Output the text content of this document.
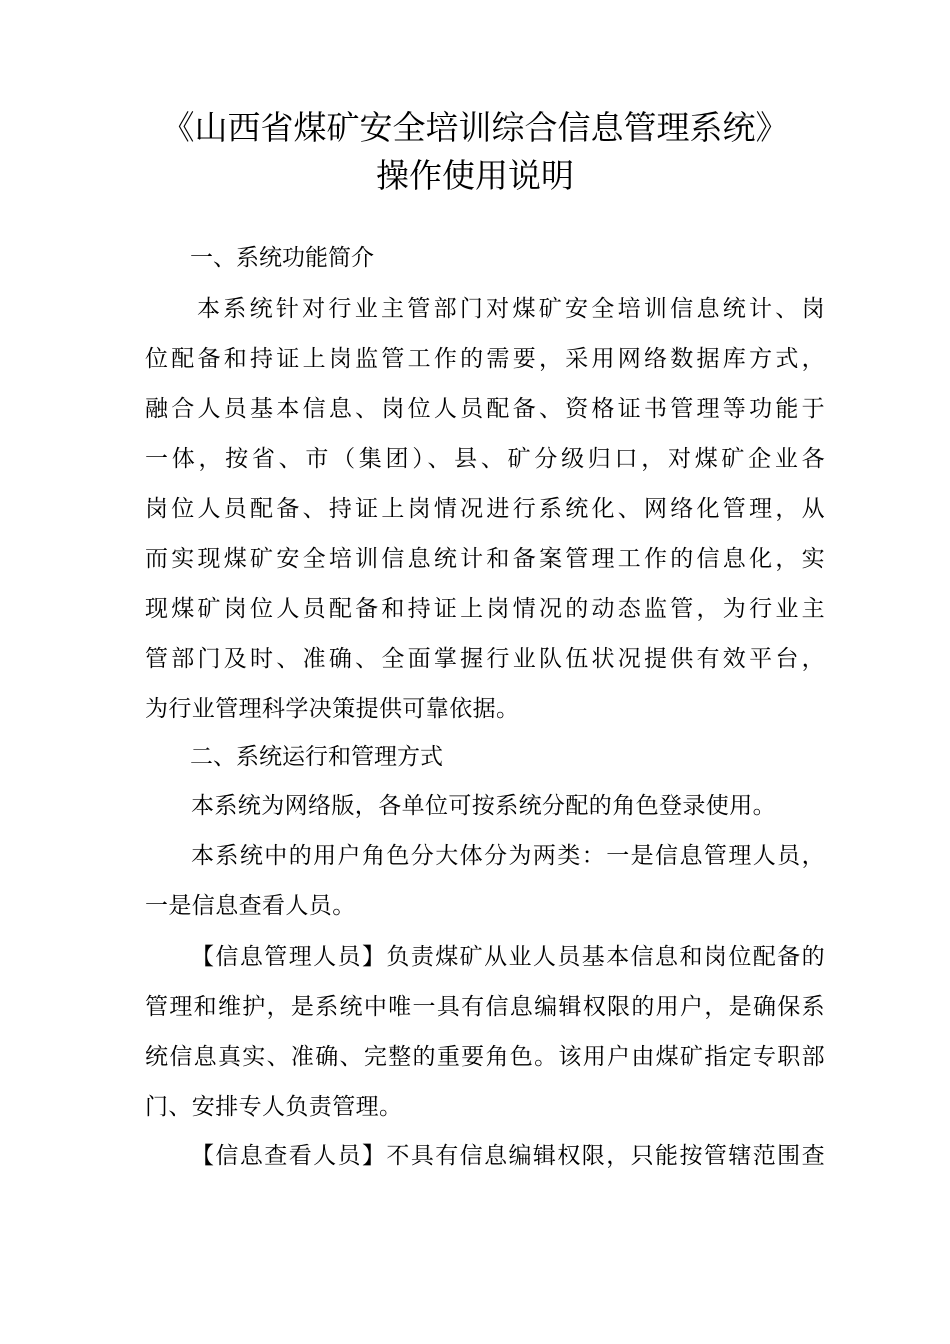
《山西省煤矿安全培训综合信息管理系统》
操作使用说明
一、系统功能简介
本系统针对行业主管部门对煤矿安全培训信息统计、岗
位配备和持证上岗监管工作的需要，采用网络数据库方式，
融合人员基本信息、岗位人员配备、资格证书管理等功能于
一体，按省、市（集团）、县、矿分级归口，对煤矿企业各
岗位人员配备、持证上岗情况进行系统化、网络化管理，从
而实现煤矿安全培训信息统计和备案管理工作的信息化，实
现煤矿岗位人员配备和持证上岗情况的动态监管，为行业主
管部门及时、准确、全面掌握行业队伍状况提供有效平台，
为行业管理科学决策提供可靠依据。
二、系统运行和管理方式
本系统为网络版，各单位可按系统分配的角色登录使用。
本系统中的用户角色分大体分为两类：一是信息管理人员，
一是信息查看人员。
【信息管理人员】负责煤矿从业人员基本信息和岗位配备的
管理和维护，是系统中唯一具有信息编辑权限的用户，是确保系
统信息真实、准确、完整的重要角色。该用户由煤矿指定专职部
门、安排专人负责管理。
【信息查看人员】不具有信息编辑权限，只能按管辖范围查
